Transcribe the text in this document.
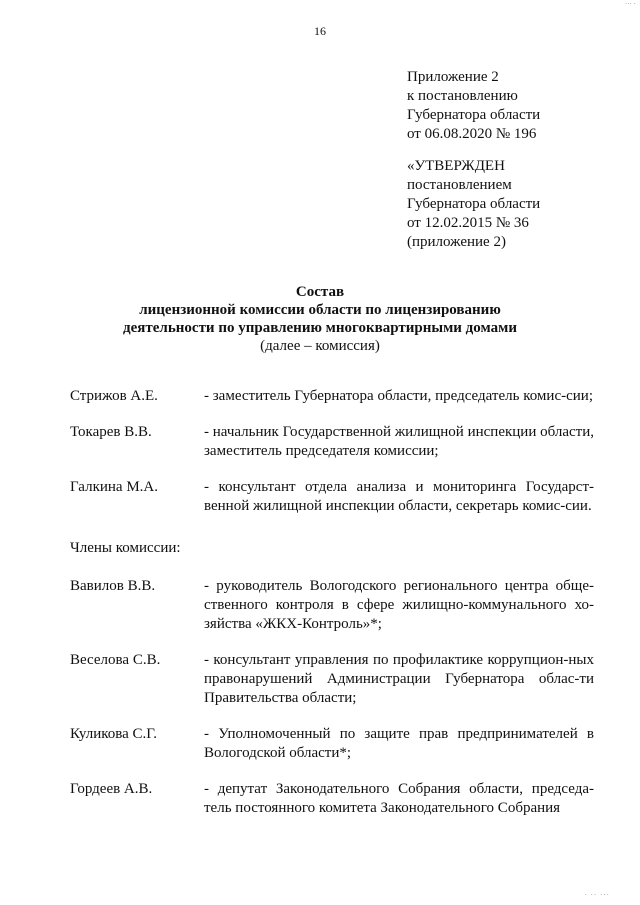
··· ·
16
Приложение 2
к постановлению
Губернатора области
от 06.08.2020 № 196
«УТВЕРЖДЕН
постановлением
Губернатора области
от 12.02.2015 № 36
(приложение 2)
Состав
лицензионной комиссии области по лицензированию
деятельности по управлению многоквартирными домами
(далее – комиссия)
Стрижов А.Е.	- заместитель Губернатора области, председатель комис-сии;
Токарев В.В.	- начальник Государственной жилищной инспекции области, заместитель председателя комиссии;
Галкина М.А.	- консультант отдела анализа и мониторинга Государст-венной жилищной инспекции области, секретарь комис-сии.
Члены комиссии:
Вавилов В.В.	- руководитель Вологодского регионального центра обще-ственного контроля в сфере жилищно-коммунального хо-зяйства «ЖКХ-Контроль»*;
Веселова С.В.	- консультант управления по профилактике коррупцион-ных правонарушений Администрации Губернатора облас-ти Правительства области;
Куликова С.Г.	- Уполномоченный по защите прав предпринимателей в Вологодской области*;
Гордеев А.В.	- депутат Законодательного Собрания области, председа-тель постоянного комитета Законодательного Собрания
· ·· ···
